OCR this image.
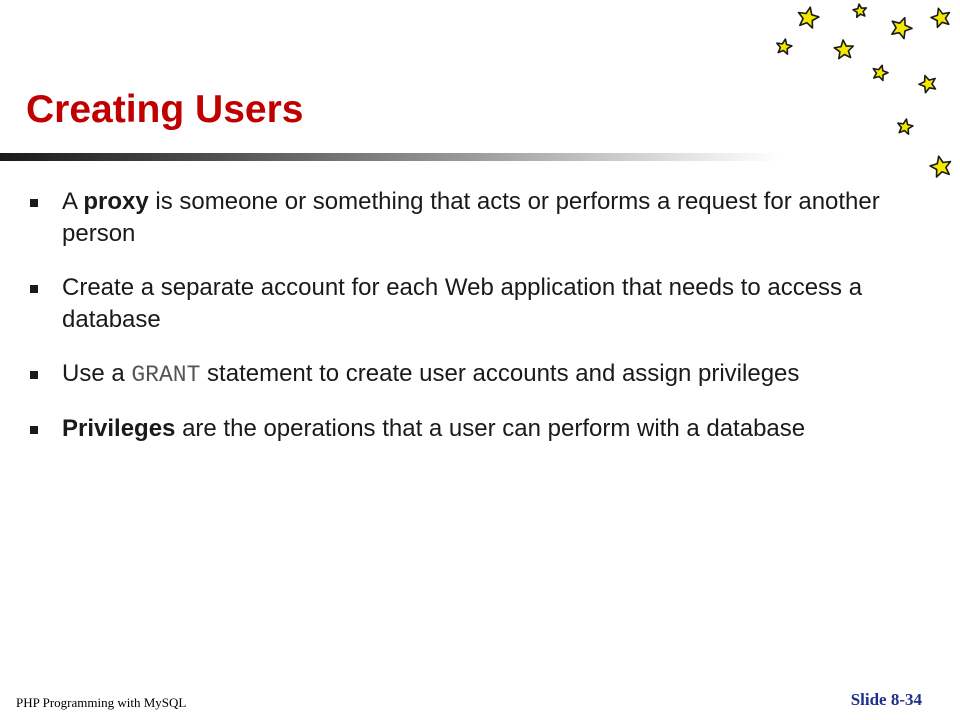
Creating Users
A proxy is someone or something that acts or performs a request for another person
Create a separate account for each Web application that needs to access a database
Use a GRANT statement to create user accounts and assign privileges
Privileges are the operations that a user can perform with a database
PHP Programming with MySQL	Slide 8-34
